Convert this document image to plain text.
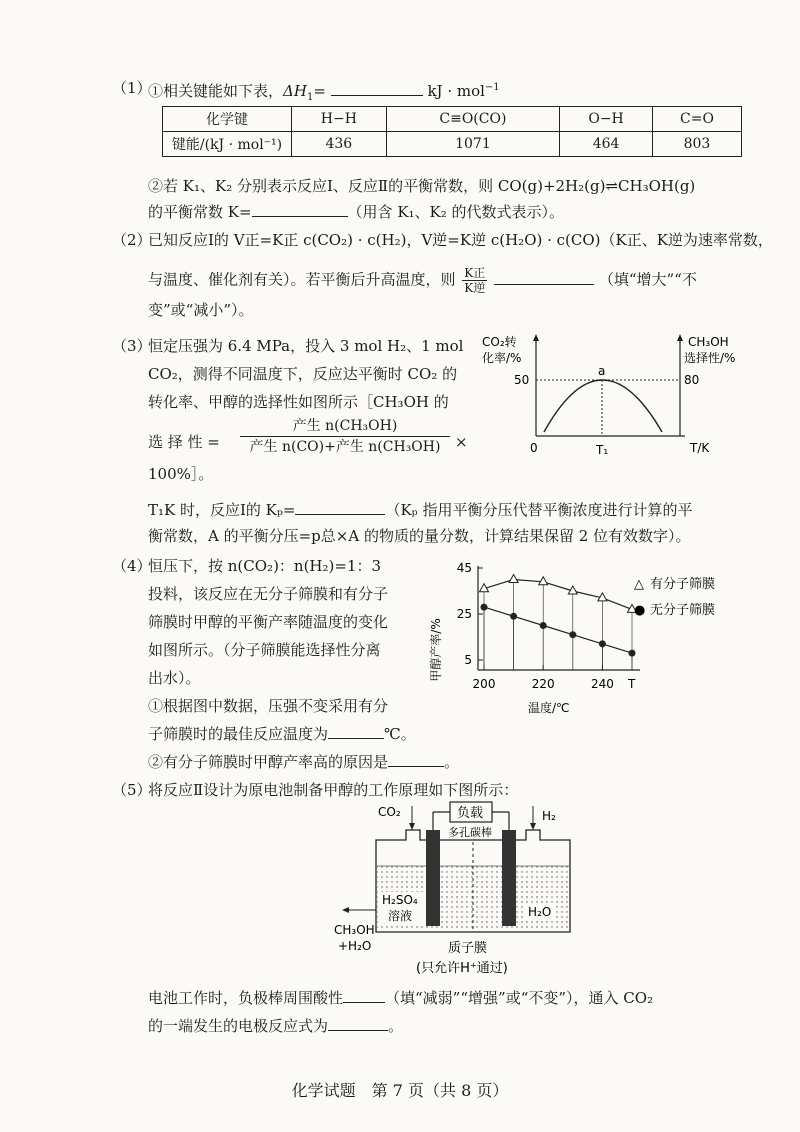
（1）
①相关键能如下表，$\Delta H_1=$	kJ · mol$^{-1}$
化学键	H−H	C≡O(CO)	O−H	C=O
键能/(kJ · mol⁻¹)	436	1071	464	803
②若 K₁、K₂ 分别表示反应Ⅰ、反应Ⅱ的平衡常数，则 CO(g)+2H₂(g)⇌CH₃OH(g)
的平衡常数 K=	（用含 K₁、K₂ 的代数式表示）。
（2）
已知反应Ⅰ的 V正=K正 c(CO₂) · c(H₂)，V逆=K逆 c(H₂O) · c(CO)（K正、K逆为速率常数，
与温度、催化剂有关）。若平衡后升高温度，则 K正
K逆	（填“增大”“不
变”或“减小”）。
（3）
恒定压强为 6.4 MPa，投入 3 mol H₂、1 mol
CO₂，测得不同温度下，反应达平衡时 CO₂ 的
转化率、甲醇的选择性如图所示［CH₃OH 的
选 择 性 =
产生 n(CH₃OH)
产生 n(CO)+产生 n(CH₃OH) ×
100%］。
CO₂转
化率/%
CH₃OH
选择性/%
50	80
a
0	T₁	T/K
T₁K 时，反应Ⅰ的 Kₚ=	（Kₚ 指用平衡分压代替平衡浓度进行计算的平
衡常数，A 的平衡分压=p总×A 的物质的量分数，计算结果保留 2 位有效数字）。
（4）
恒压下，按 n(CO₂)：n(H₂)=1：3
投料，该反应在无分子筛膜和有分子
筛膜时甲醇的平衡产率随温度的变化
如图所示。（分子筛膜能选择性分离
出水）。
①根据图中数据，压强不变采用有分
子筛膜时的最佳反应温度为	℃。
②有分子筛膜时甲醇产率高的原因是	。
甲醇产率/%
T
温度/℃
5
25
45
200	220	240
△ 有分子筛膜
● 无分子筛膜
（5）
将反应Ⅱ设计为原电池制备甲醇的工作原理如下图所示：
负载
多孔碳棒
CO₂	H₂
H₂SO₄
溶液	H₂O
CH₃OH
+H₂O	质子膜
(只允许H⁺通过)
电池工作时，负极棒周围酸性	（填“减弱”“增强”或“不变”），通入 CO₂
的一端发生的电极反应式为	。
化学试题　第 7 页（共 8 页）
